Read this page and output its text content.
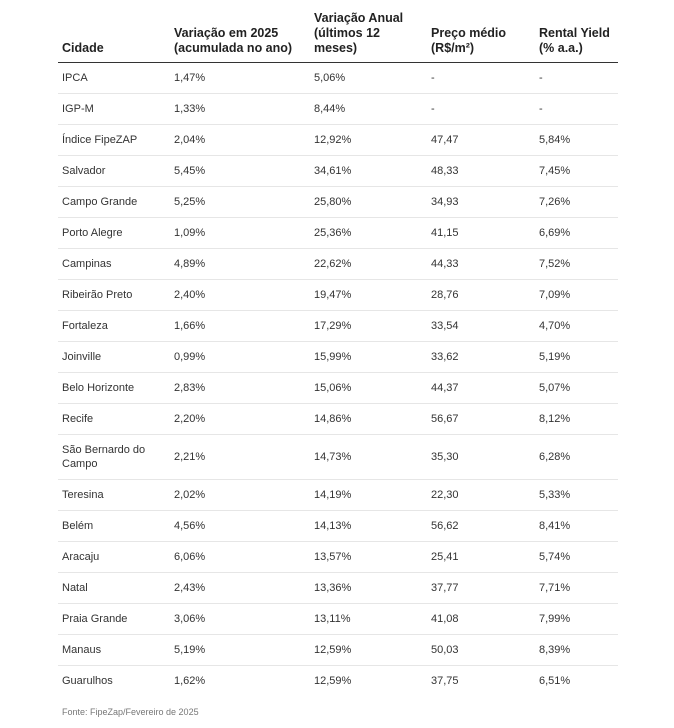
Cidade	Variação em 2025 (acumulada no ano)	Variação Anual (últimos 12 meses)	Preço médio (R$/m²)	Rental Yield (% a.a.)
IPCA	1,47%	5,06%	-	-
IGP-M	1,33%	8,44%	-	-
Índice FipeZAP	2,04%	12,92%	47,47	5,84%
Salvador	5,45%	34,61%	48,33	7,45%
Campo Grande	5,25%	25,80%	34,93	7,26%
Porto Alegre	1,09%	25,36%	41,15	6,69%
Campinas	4,89%	22,62%	44,33	7,52%
Ribeirão Preto	2,40%	19,47%	28,76	7,09%
Fortaleza	1,66%	17,29%	33,54	4,70%
Joinville	0,99%	15,99%	33,62	5,19%
Belo Horizonte	2,83%	15,06%	44,37	5,07%
Recife	2,20%	14,86%	56,67	8,12%
São Bernardo do Campo	2,21%	14,73%	35,30	6,28%
Teresina	2,02%	14,19%	22,30	5,33%
Belém	4,56%	14,13%	56,62	8,41%
Aracaju	6,06%	13,57%	25,41	5,74%
Natal	2,43%	13,36%	37,77	7,71%
Praia Grande	3,06%	13,11%	41,08	7,99%
Manaus	5,19%	12,59%	50,03	8,39%
Guarulhos	1,62%	12,59%	37,75	6,51%
Fonte: FipeZap/Fevereiro de 2025
